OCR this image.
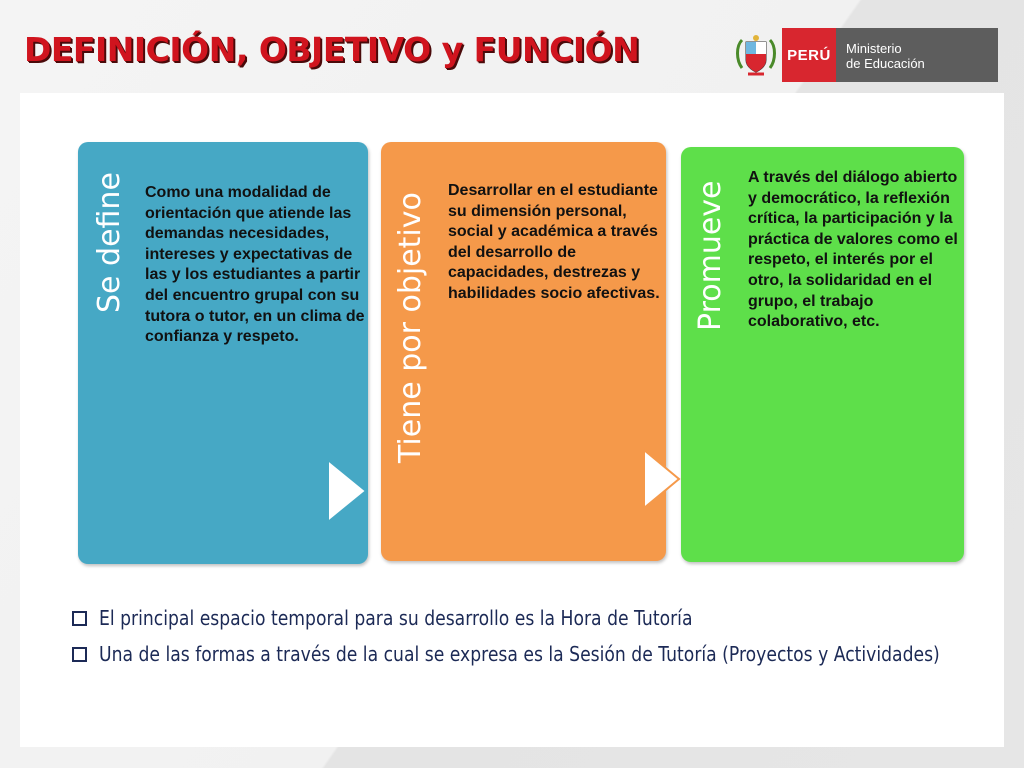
DEFINICIÓN, OBJETIVO y FUNCIÓN	PERÚ	Ministerio
de Educación
Se define Como una modalidad de orientación que atiende las demandas necesidades, intereses y expectativas de las y los estudiantes a partir del encuentro grupal con su tutora o tutor, en un clima de confianza y respeto.	Tiene por objetivo
Desarrollar en el estudiante su dimensión personal, social y académica a través del desarrollo de capacidades, destrezas y habilidades socio afectivas. Promueve
A través del diálogo abierto y democrático, la reflexión crítica, la participación y la práctica de valores como el respeto, el interés por el otro, la solidaridad en el grupo, el trabajo colaborativo, etc.
El principal espacio temporal para su desarrollo es la Hora de Tutoría
Una de las formas a través de la cual se expresa es la Sesión de Tutoría (Proyectos y Actividades)
